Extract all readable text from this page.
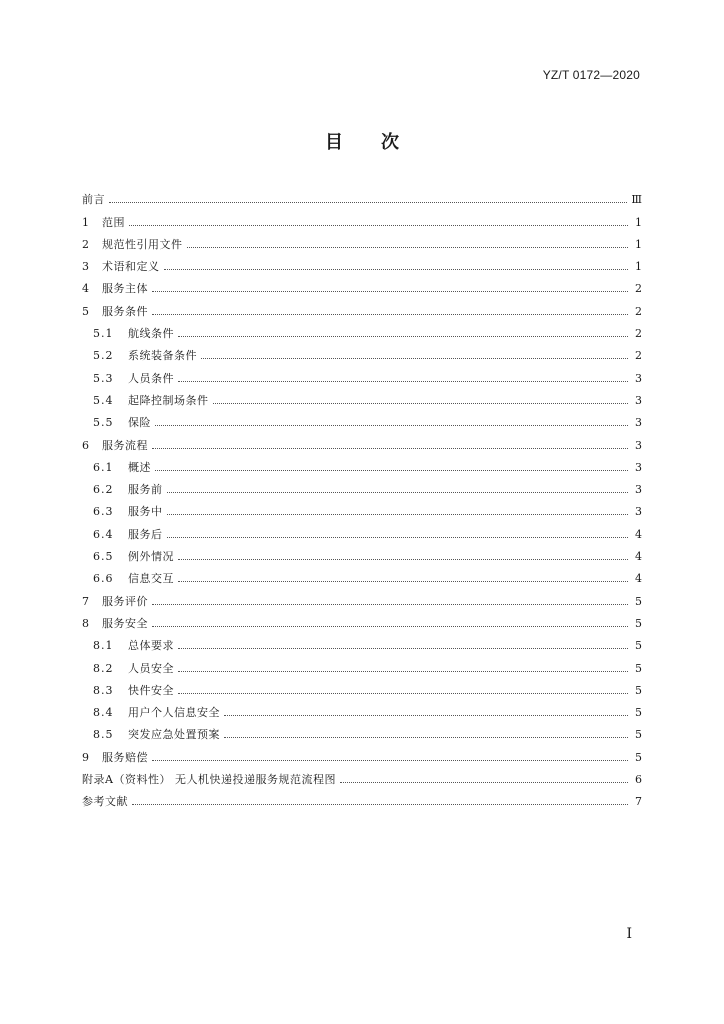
YZ/T 0172—2020
目次
前言	Ⅲ
1	范围	1
2	规范性引用文件	1
3	术语和定义	1
4	服务主体	2
5	服务条件	2
5.1	航线条件	2
5.2	系统装备条件	2
5.3	人员条件	3
5.4	起降控制场条件	3
5.5	保险	3
6	服务流程	3
6.1	概述	3
6.2	服务前	3
6.3	服务中	3
6.4	服务后	4
6.5	例外情况	4
6.6	信息交互	4
7	服务评价	5
8	服务安全	5
8.1	总体要求	5
8.2	人员安全	5
8.3	快件安全	5
8.4	用户个人信息安全	5
8.5	突发应急处置预案	5
9	服务赔偿	5
附录A（资料性） 无人机快递投递服务规范流程图	6
参考文献	7
I
